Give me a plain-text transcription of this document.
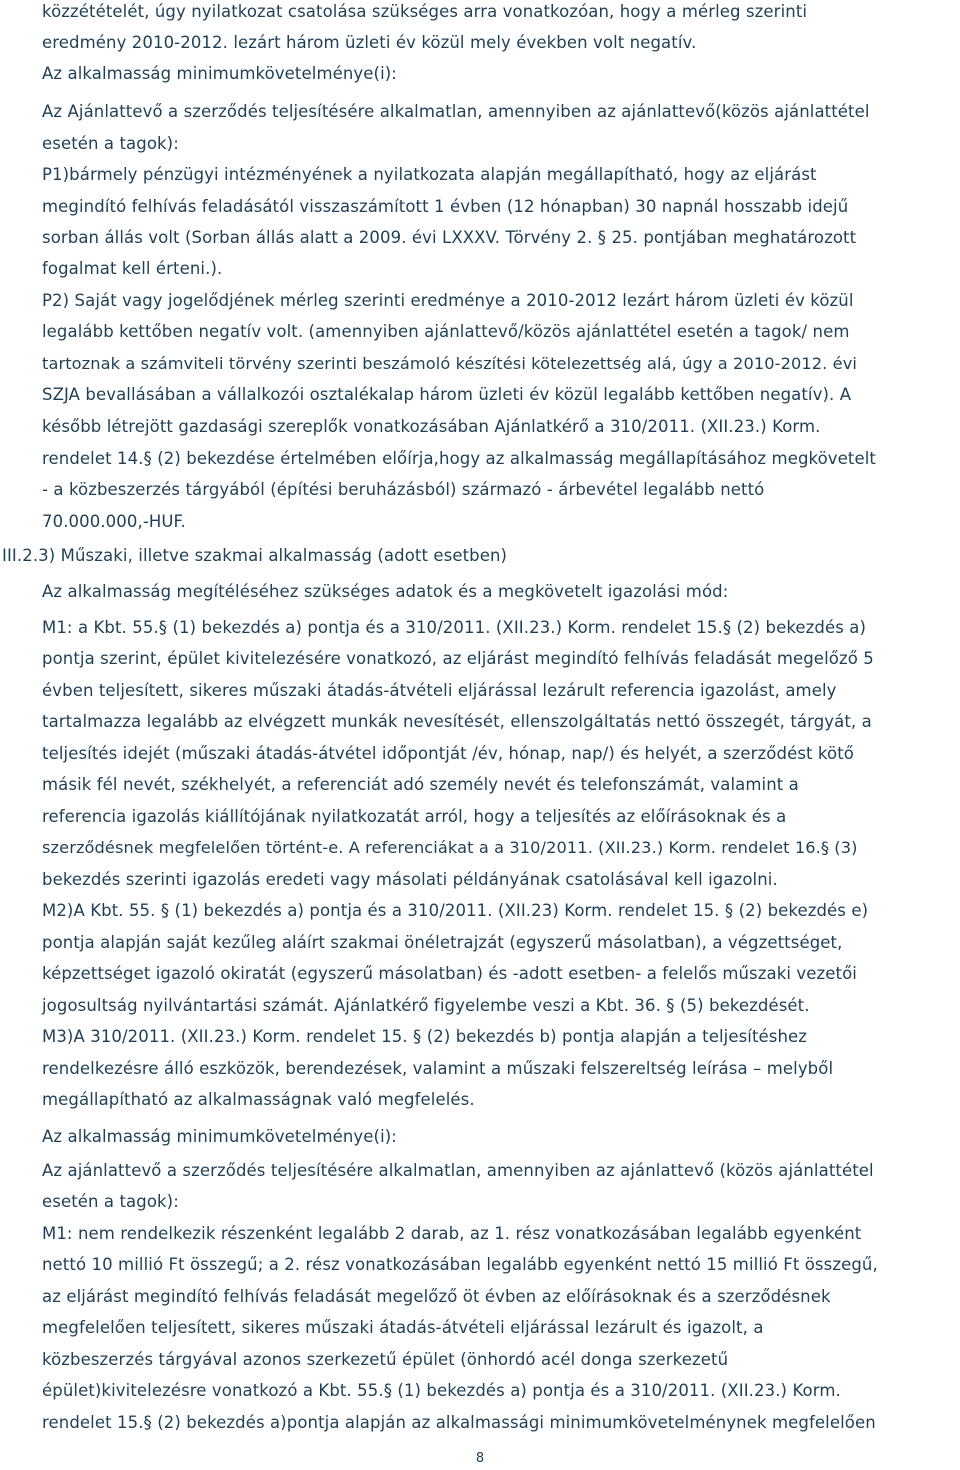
közzétételét, úgy nyilatkozat csatolása szükséges arra vonatkozóan, hogy a mérleg szerinti
eredmény 2010-2012. lezárt három üzleti év közül mely években volt negatív.
Az alkalmasság minimumkövetelménye(i):
Az Ajánlattevő a szerződés teljesítésére alkalmatlan, amennyiben az ajánlattevő(közös ajánlattétel
esetén a tagok):
P1)bármely pénzügyi intézményének a nyilatkozata alapján megállapítható, hogy az eljárást
megindító felhívás feladásától visszaszámított 1 évben (12 hónapban) 30 napnál hosszabb idejű
sorban állás volt (Sorban állás alatt a 2009. évi LXXXV. Törvény 2. § 25. pontjában meghatározott
fogalmat kell érteni.).
P2) Saját vagy jogelődjének mérleg szerinti eredménye a 2010-2012 lezárt három üzleti év közül
legalább kettőben negatív volt. (amennyiben ajánlattevő/közös ajánlattétel esetén a tagok/ nem
tartoznak a számviteli törvény szerinti beszámoló készítési kötelezettség alá, úgy a 2010-2012. évi
SZJA bevallásában a vállalkozói osztalékalap három üzleti év közül legalább kettőben negatív). A
később létrejött gazdasági szereplők vonatkozásában Ajánlatkérő a 310/2011. (XII.23.) Korm.
rendelet 14.§ (2) bekezdése értelmében előírja,hogy az alkalmasság megállapításához megkövetelt
- a közbeszerzés tárgyából (építési beruházásból) származó - árbevétel legalább nettó
70.000.000,-HUF.
III.2.3) Műszaki, illetve szakmai alkalmasság (adott esetben)
Az alkalmasság megítéléséhez szükséges adatok és a megkövetelt igazolási mód:
M1: a Kbt. 55.§ (1) bekezdés a) pontja és a 310/2011. (XII.23.) Korm. rendelet 15.§ (2) bekezdés a)
pontja szerint, épület kivitelezésére vonatkozó, az eljárást megindító felhívás feladását megelőző 5
évben teljesített, sikeres műszaki átadás-átvételi eljárással lezárult referencia igazolást, amely
tartalmazza legalább az elvégzett munkák nevesítését, ellenszolgáltatás nettó összegét, tárgyát, a
teljesítés idejét (műszaki átadás-átvétel időpontját /év, hónap, nap/) és helyét, a szerződést kötő
másik fél nevét, székhelyét, a referenciát adó személy nevét és telefonszámát, valamint a
referencia igazolás kiállítójának nyilatkozatát arról, hogy a teljesítés az előírásoknak és a
szerződésnek megfelelően történt-e. A referenciákat a a 310/2011. (XII.23.) Korm. rendelet 16.§ (3)
bekezdés szerinti igazolás eredeti vagy másolati példányának csatolásával kell igazolni.
M2)A Kbt. 55. § (1) bekezdés a) pontja és a 310/2011. (XII.23) Korm. rendelet 15. § (2) bekezdés e)
pontja alapján saját kezűleg aláírt szakmai önéletrajzát (egyszerű másolatban), a végzettséget,
képzettséget igazoló okiratát (egyszerű másolatban) és -adott esetben- a felelős műszaki vezetői
jogosultság nyilvántartási számát. Ajánlatkérő figyelembe veszi a Kbt. 36. § (5) bekezdését.
M3)A 310/2011. (XII.23.) Korm. rendelet 15. § (2) bekezdés b) pontja alapján a teljesítéshez
rendelkezésre álló eszközök, berendezések, valamint a műszaki felszereltség leírása – melyből
megállapítható az alkalmasságnak való megfelelés.
Az alkalmasság minimumkövetelménye(i):
Az ajánlattevő a szerződés teljesítésére alkalmatlan, amennyiben az ajánlattevő (közös ajánlattétel
esetén a tagok):
M1: nem rendelkezik részenként legalább 2 darab, az 1. rész vonatkozásában legalább egyenként
nettó 10 millió Ft összegű; a 2. rész vonatkozásában legalább egyenként nettó 15 millió Ft összegű,
az eljárást megindító felhívás feladását megelőző öt évben az előírásoknak és a szerződésnek
megfelelően teljesített, sikeres műszaki átadás-átvételi eljárással lezárult és igazolt, a
közbeszerzés tárgyával azonos szerkezetű épület (önhordó acél donga szerkezetű
épület)kivitelezésre vonatkozó a Kbt. 55.§ (1) bekezdés a) pontja és a 310/2011. (XII.23.) Korm.
rendelet 15.§ (2) bekezdés a)pontja alapján az alkalmassági minimumkövetelménynek megfelelően
8
